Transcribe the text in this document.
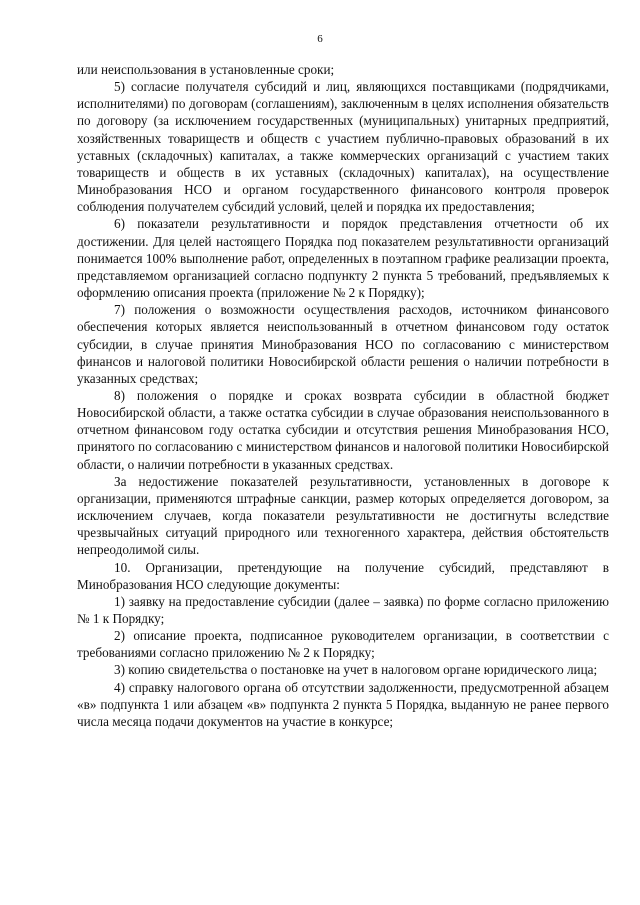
6

или неиспользования в установленные сроки;

5) согласие получателя субсидий и лиц, являющихся поставщиками (подрядчиками, исполнителями) по договорам (соглашениям), заключенным в целях исполнения обязательств по договору (за исключением государственных (муниципальных) унитарных предприятий, хозяйственных товариществ и обществ с участием публично-правовых образований в их уставных (складочных) капиталах, а также коммерческих организаций с участием таких товариществ и обществ в их уставных (складочных) капиталах), на осуществление Минобразования НСО и органом государственного финансового контроля проверок соблюдения получателем субсидий условий, целей и порядка их предоставления;

6) показатели результативности и порядок представления отчетности об их достижении. Для целей настоящего Порядка под показателем результативности организаций понимается 100% выполнение работ, определенных в поэтапном графике реализации проекта, представляемом организацией согласно подпункту 2 пункта 5 требований, предъявляемых к оформлению описания проекта (приложение № 2 к Порядку);

7) положения о возможности осуществления расходов, источником финансового обеспечения которых является неиспользованный в отчетном финансовом году остаток субсидии, в случае принятия Минобразования НСО по согласованию с министерством финансов и налоговой политики Новосибирской области решения о наличии потребности в указанных средствах;

8) положения о порядке и сроках возврата субсидии в областной бюджет Новосибирской области, а также остатка субсидии в случае образования неиспользованного в отчетном финансовом году остатка субсидии и отсутствия решения Минобразования НСО, принятого по согласованию с министерством финансов и налоговой политики Новосибирской области, о наличии потребности в указанных средствах.

За недостижение показателей результативности, установленных в договоре к организации, применяются штрафные санкции, размер которых определяется договором, за исключением случаев, когда показатели результативности не достигнуты вследствие чрезвычайных ситуаций природного или техногенного характера, действия обстоятельств непреодолимой силы.

10. Организации, претендующие на получение субсидий, представляют в Минобразования НСО следующие документы:

1) заявку на предоставление субсидии (далее – заявка) по форме согласно приложению № 1 к Порядку;

2) описание проекта, подписанное руководителем организации, в соответствии с требованиями согласно приложению № 2 к Порядку;

3) копию свидетельства о постановке на учет в налоговом органе юридического лица;

4) справку налогового органа об отсутствии задолженности, предусмотренной абзацем «в» подпункта 1 или абзацем «в» подпункта 2 пункта 5 Порядка, выданную не ранее первого числа месяца подачи документов на участие в конкурсе;
